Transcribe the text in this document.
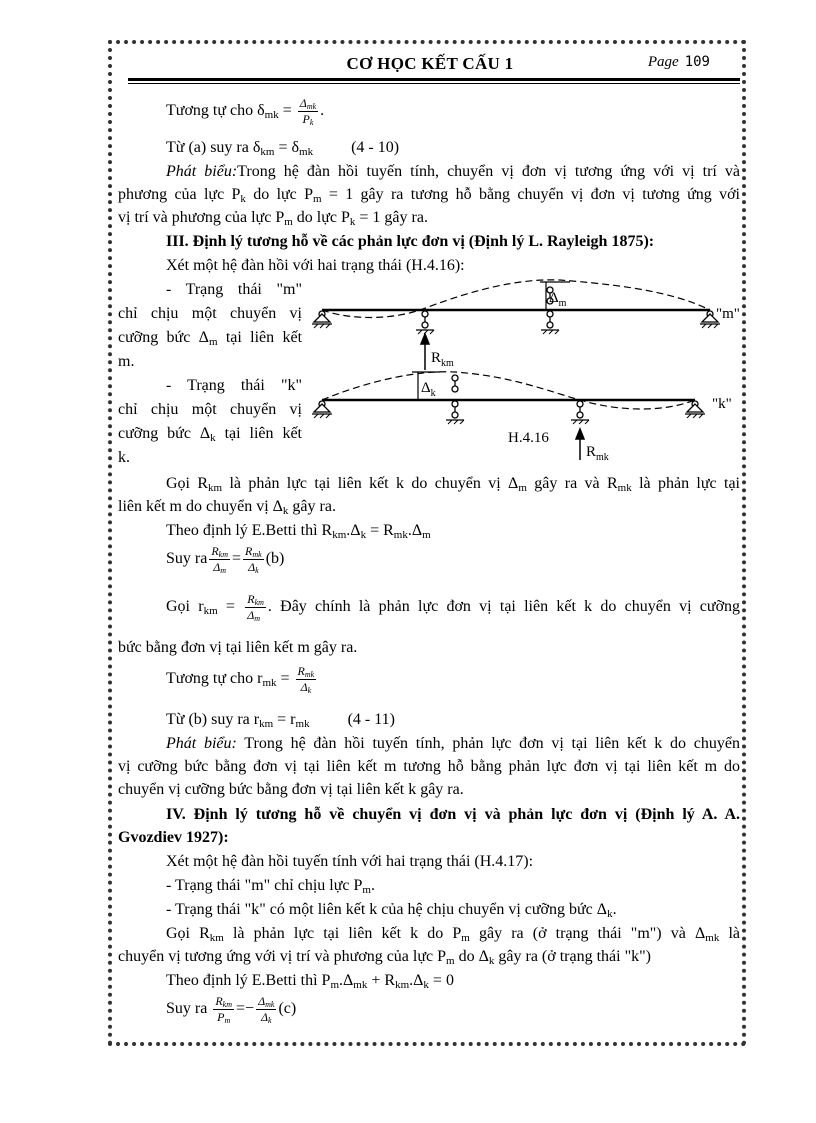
CƠ HỌC KẾT CẤU 1	Page 109
Tương tự cho $\delta_{mk} = \frac{\Delta_{mk}}{P_k}$ .
Từ (a) suy ra $\delta_{km} = \delta_{mk}$ (4 - 10)
Phát biểu:Trong hệ đàn hồi tuyến tính, chuyển vị đơn vị tương ứng với vị trí và
phương của lực $P_k$ do lực $P_m = 1$ gây ra tương hỗ bằng chuyển vị đơn vị tương ứng với
vị trí và phương của lực $P_m$ do lực $P_k = 1$ gây ra.
III. Định lý tương hỗ về các phản lực đơn vị (Định lý L. Rayleigh 1875):
Xét một hệ đàn hồi với hai trạng thái (H.4.16):
- Trạng thái "m"
chỉ chịu một chuyển vị
cưỡng bức $\Delta_m$ tại liên kết
m.
- Trạng thái "k"
chỉ chịu một chuyển vị
cưỡng bức $\Delta_k$ tại liên kết
k.
$\Delta_m$
"m"
$R_{km}$
$\Delta_k$
"k"
$R_{mk}$
H.4.16
Gọi $R_{km}$ là phản lực tại liên kết k do chuyển vị $\Delta_m$ gây ra và $R_{mk}$ là phản lực tại
liên kết m do chuyển vị $\Delta_k$ gây ra.
Theo định lý E.Betti thì $R_{km}.\Delta_k = R_{mk}.\Delta_m$
Suy ra $\frac{R_{km}}{\Delta_m} = \frac{R_{mk}}{\Delta_k} (b)$
Gọi $r_{km} = \frac{R_{km}}{\Delta_m}$ . Đây chính là phản lực đơn vị tại liên kết k do chuyển vị cưỡng
bức bằng đơn vị tại liên kết m gây ra.
Tương tự cho $r_{mk} = \frac{R_{mk}}{\Delta_k}$
Từ (b) suy ra $r_{km} = r_{mk}$ (4 - 11)
Phát biểu: Trong hệ đàn hồi tuyến tính, phản lực đơn vị tại liên kết k do chuyển
vị cưỡng bức bằng đơn vị tại liên kết m tương hỗ bằng phản lực đơn vị tại liên kết m do
chuyển vị cưỡng bức bằng đơn vị tại liên kết k gây ra.
IV. Định lý tương hỗ về chuyển vị đơn vị và phản lực đơn vị (Định lý A. A.
Gvozdiev 1927):
Xét một hệ đàn hồi tuyến tính với hai trạng thái (H.4.17):
- Trạng thái "m" chỉ chịu lực $P_m$.
- Trạng thái "k" có một liên kết k của hệ chịu chuyển vị cưỡng bức $\Delta_k$.
Gọi $R_{km}$ là phản lực tại liên kết k do $P_m$ gây ra (ở trạng thái "m") và $\Delta_{mk}$ là
chuyển vị tương ứng với vị trí và phương của lực $P_m$ do $\Delta_k$ gây ra (ở trạng thái "k")
Theo định lý E.Betti thì $P_m.\Delta_{mk} + R_{km}.\Delta_k = 0$
Suy ra $\frac{R_{km}}{P_m} =- \frac{\Delta_{mk}}{\Delta_k} (c)$
